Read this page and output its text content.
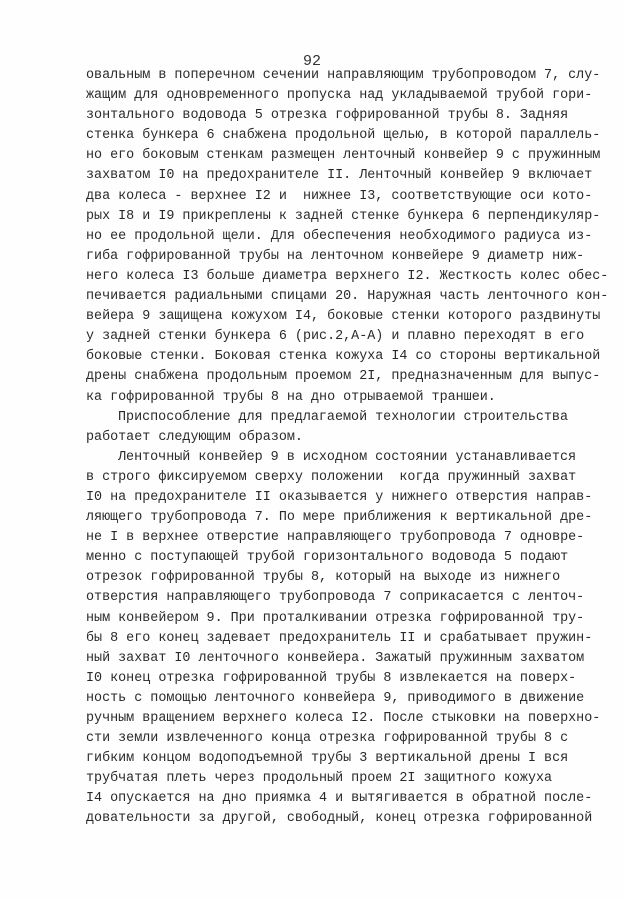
92
овальным в поперечном сечении направляющим трубопроводом 7, слу-
жащим для одновременного пропуска над укладываемой трубой гори-
зонтального водовода 5 отрезка гофрированной трубы 8. Задняя
стенка бункера 6 снабжена продольной щелью, в которой параллель-
но его боковым стенкам размещен ленточный конвейер 9 с пружинным
захватом I0 на предохранителе II. Ленточный конвейер 9 включает
два колеса - верхнее I2 и  нижнее I3, соответствующие оси кото-
рых I8 и I9 прикреплены к задней стенке бункера 6 перпендикуляр-
но ее продольной щели. Для обеспечения необходимого радиуса из-
гиба гофрированной трубы на ленточном конвейере 9 диаметр ниж-
него колеса I3 больше диаметра верхнего I2. Жесткость колес обес-
печивается радиальными спицами 20. Наружная часть ленточного кон-
вейера 9 защищена кожухом I4, боковые стенки которого раздвинуты
у задней стенки бункера 6 (рис.2,А-А) и плавно переходят в его
боковые стенки. Боковая стенка кожуха I4 со стороны вертикальной
дрены снабжена продольным проемом 2I, предназначенным для выпус-
ка гофрированной трубы 8 на дно отрываемой траншеи.
Приспособление для предлагаемой технологии строительства
работает следующим образом.
Ленточный конвейер 9 в исходном состоянии устанавливается
в строго фиксируемом сверху положении  когда пружинный захват
I0 на предохранителе II оказывается у нижнего отверстия направ-
ляющего трубопровода 7. По мере приближения к вертикальной дре-
не I в верхнее отверстие направляющего трубопровода 7 одновре-
менно с поступающей трубой горизонтального водовода 5 подают
отрезок гофрированной трубы 8, который на выходе из нижнего
отверстия направляющего трубопровода 7 соприкасается с ленточ-
ным конвейером 9. При проталкивании отрезка гофрированной тру-
бы 8 его конец задевает предохранитель II и срабатывает пружин-
ный захват I0 ленточного конвейера. Зажатый пружинным захватом
I0 конец отрезка гофрированной трубы 8 извлекается на поверх-
ность с помощью ленточного конвейера 9, приводимого в движение
ручным вращением верхнего колеса I2. После стыковки на поверхно-
сти земли извлеченного конца отрезка гофрированной трубы 8 с
гибким концом водоподъемной трубы 3 вертикальной дрены I вся
трубчатая плеть через продольный проем 2I защитного кожуха
I4 опускается на дно приямка 4 и вытягивается в обратной после-
довательности за другой, свободный, конец отрезка гофрированной
